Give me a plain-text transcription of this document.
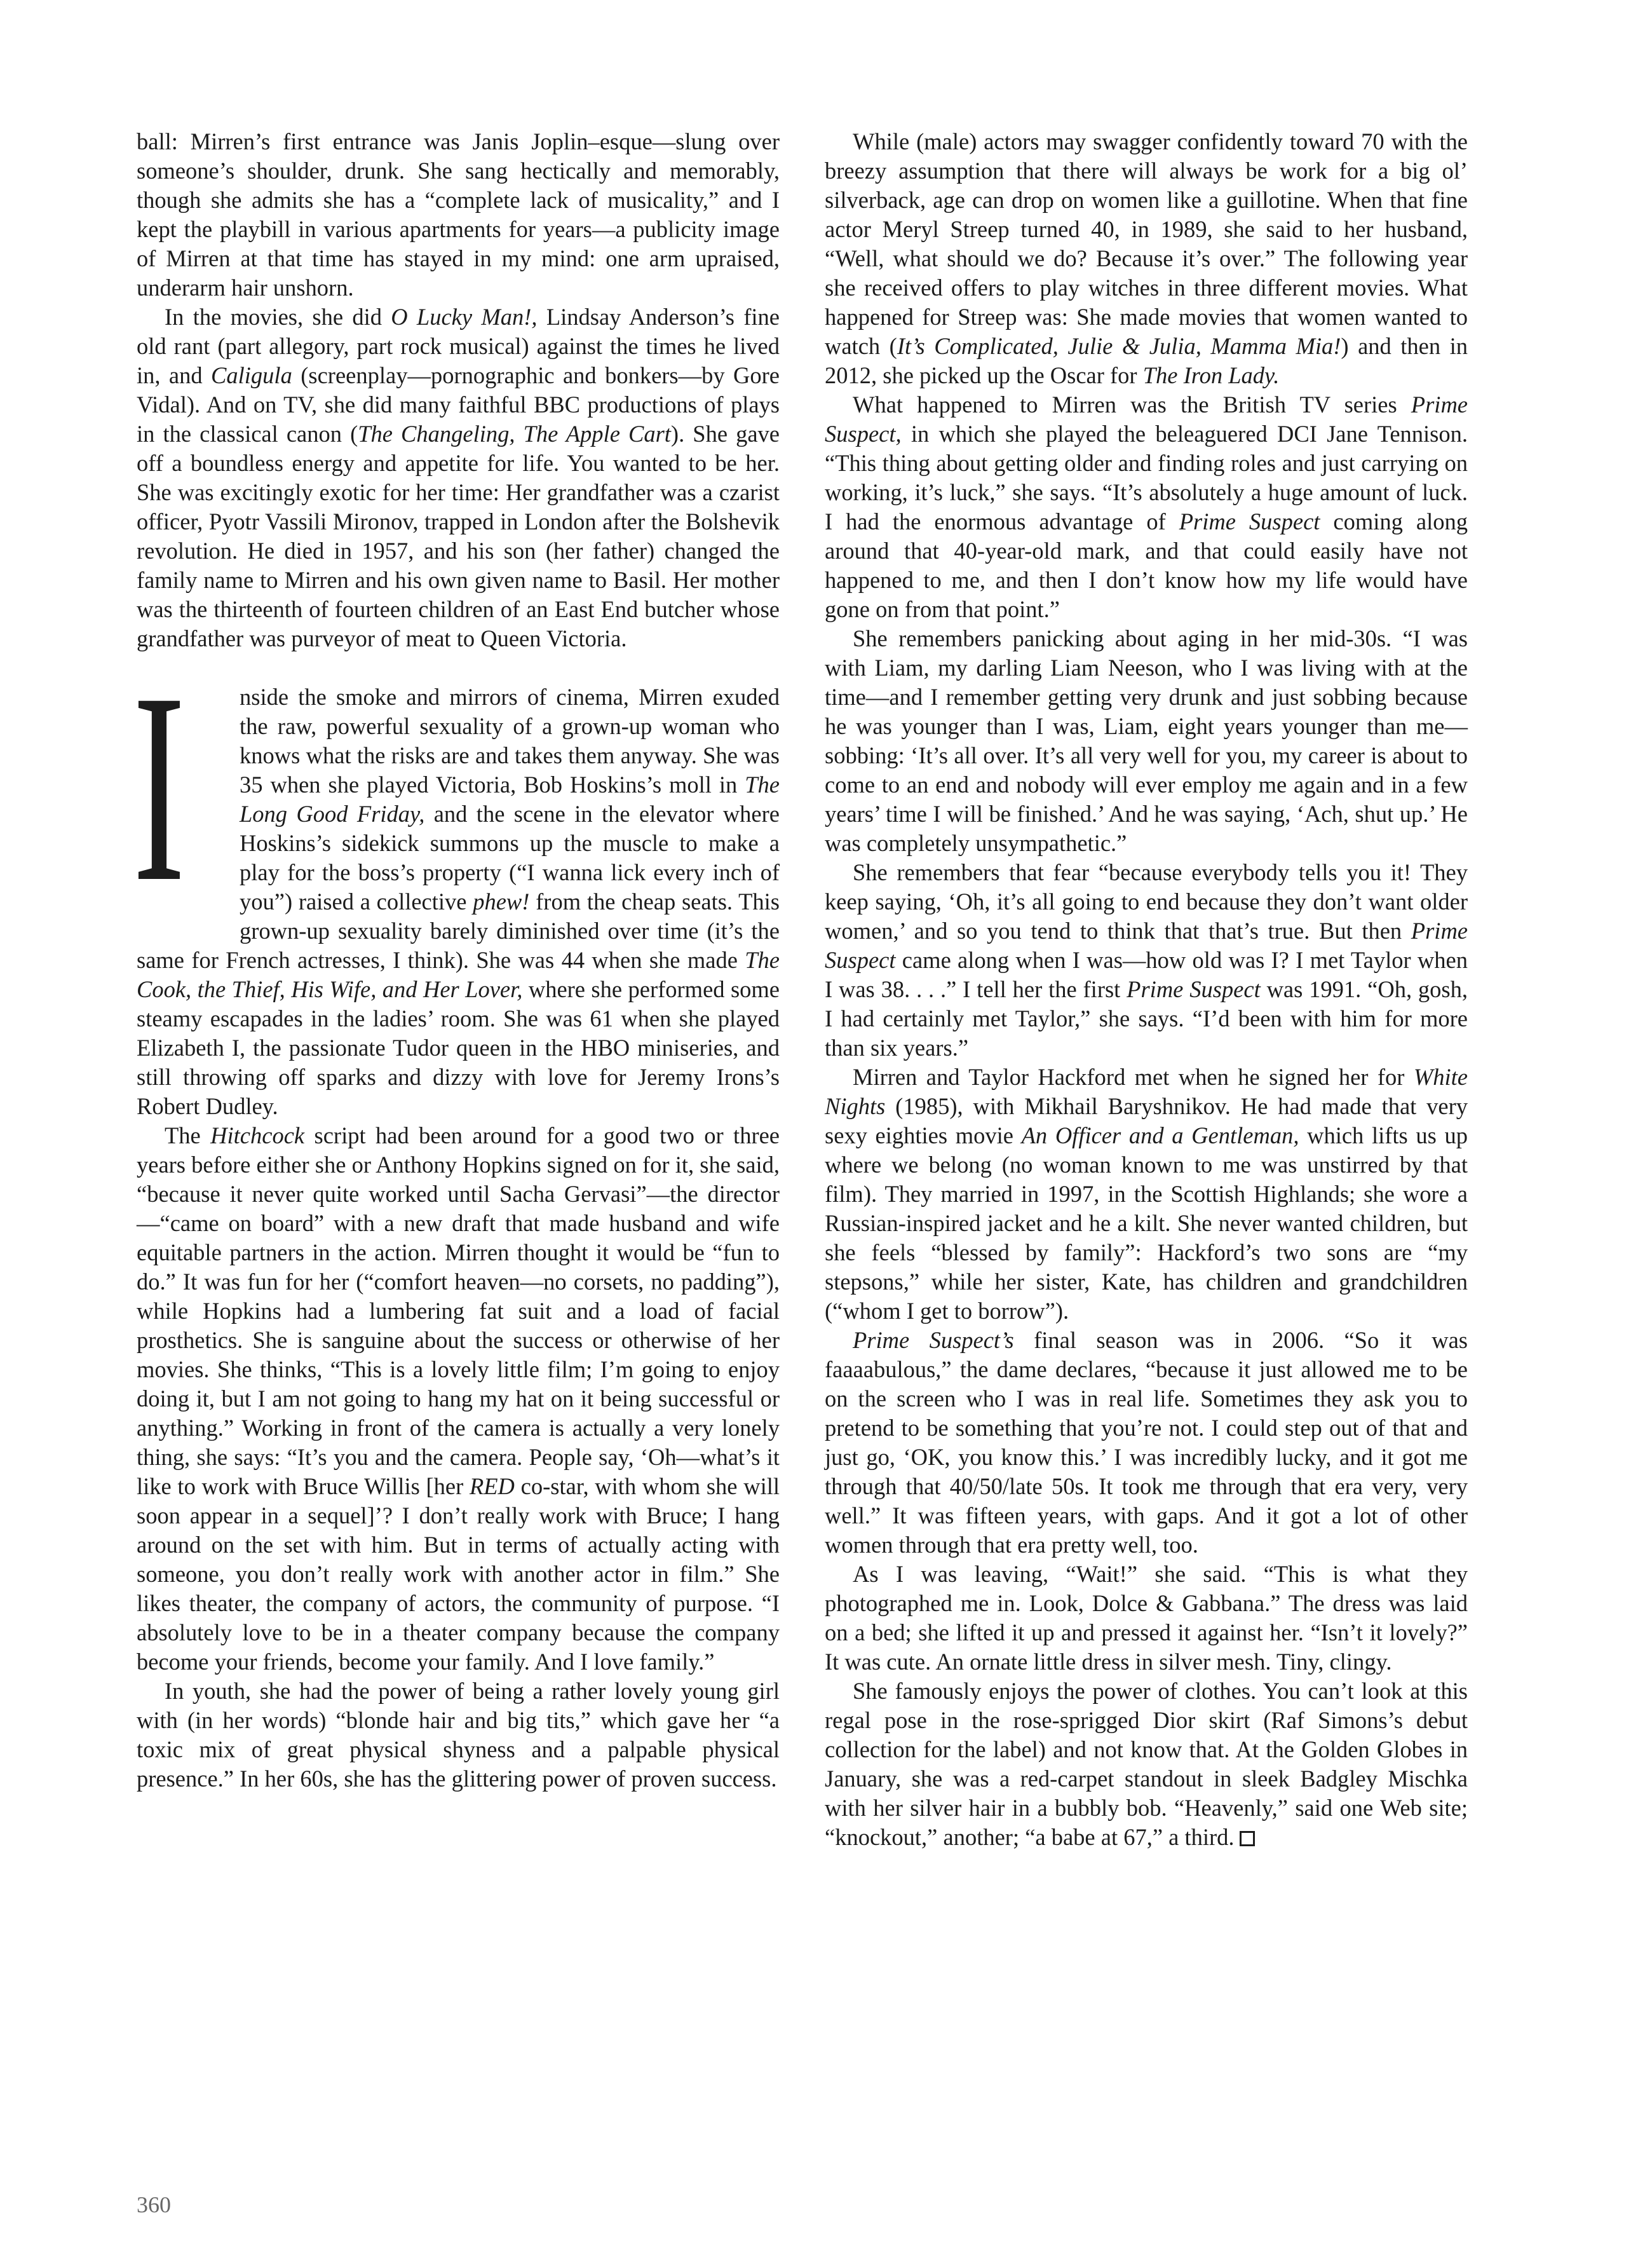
ball: Mirren’s first entrance was Janis Joplin–esque—slung over someone’s shoulder, drunk. She sang hectically and memorably, though she admits she has a “complete lack of musicality,” and I kept the playbill in various apartments for years—a publicity image of Mirren at that time has stayed in my mind: one arm upraised, underarm hair unshorn.

In the movies, she did O Lucky Man!, Lindsay Anderson’s fine old rant (part allegory, part rock musical) against the times he lived in, and Caligula (screenplay—pornographic and bonkers—by Gore Vidal). And on TV, she did many faithful BBC productions of plays in the classical canon (The Changeling, The Apple Cart). She gave off a boundless energy and appetite for life. You wanted to be her. She was excitingly exotic for her time: Her grandfather was a czarist officer, Pyotr Vassili Mironov, trapped in London after the Bolshevik revolution. He died in 1957, and his son (her father) changed the family name to Mirren and his own given name to Basil. Her mother was the thirteenth of fourteen children of an East End butcher whose grandfather was purveyor of meat to Queen Victoria.

I nside the smoke and mirrors of cinema, Mirren exuded the raw, powerful sexuality of a grown-up woman who knows what the risks are and takes them anyway. She was 35 when she played Victoria, Bob Hoskins’s moll in The Long Good Friday, and the scene in the elevator where Hoskins’s sidekick summons up the muscle to make a play for the boss’s property (“I wanna lick every inch of you”) raised a collective phew! from the cheap seats. This grown-up sexuality barely diminished over time (it’s the same for French actresses, I think). She was 44 when she made The Cook, the Thief, His Wife, and Her Lover, where she performed some steamy escapades in the ladies’ room. She was 61 when she played Elizabeth I, the passionate Tudor queen in the HBO miniseries, and still throwing off sparks and dizzy with love for Jeremy Irons’s Robert Dudley.

The Hitchcock script had been around for a good two or three years before either she or Anthony Hopkins signed on for it, she said, “because it never quite worked until Sacha Gervasi”—the director—“came on board” with a new draft that made husband and wife equitable partners in the action. Mirren thought it would be “fun to do.” It was fun for her (“comfort heaven—no corsets, no padding”), while Hopkins had a lumbering fat suit and a load of facial prosthetics. She is sanguine about the success or otherwise of her movies. She thinks, “This is a lovely little film; I’m going to enjoy doing it, but I am not going to hang my hat on it being successful or anything.” Working in front of the camera is actually a very lonely thing, she says: “It’s you and the camera. People say, ‘Oh—what’s it like to work with Bruce Willis [her RED co-star, with whom she will soon appear in a sequel]’? I don’t really work with Bruce; I hang around on the set with him. But in terms of actually acting with someone, you don’t really work with another actor in film.” She likes theater, the company of actors, the community of purpose. “I absolutely love to be in a theater company because the company become your friends, become your family. And I love family.”

In youth, she had the power of being a rather lovely young girl with (in her words) “blonde hair and big tits,” which gave her “a toxic mix of great physical shyness and a palpable physical presence.” In her 60s, she has the glittering power of proven success.

While (male) actors may swagger confidently toward 70 with the breezy assumption that there will always be work for a big ol’ silverback, age can drop on women like a guillotine. When that fine actor Meryl Streep turned 40, in 1989, she said to her husband, “Well, what should we do? Because it’s over.” The following year she received offers to play witches in three different movies. What happened for Streep was: She made movies that women wanted to watch (It’s Complicated, Julie & Julia, Mamma Mia!) and then in 2012, she picked up the Oscar for The Iron Lady.

What happened to Mirren was the British TV series Prime Suspect, in which she played the beleaguered DCI Jane Tennison. “This thing about getting older and finding roles and just carrying on working, it’s luck,” she says. “It’s absolutely a huge amount of luck. I had the enormous advantage of Prime Suspect coming along around that 40-year-old mark, and that could easily have not happened to me, and then I don’t know how my life would have gone on from that point.”

She remembers panicking about aging in her mid-30s. “I was with Liam, my darling Liam Neeson, who I was living with at the time—and I remember getting very drunk and just sobbing because he was younger than I was, Liam, eight years younger than me—sobbing: ‘It’s all over. It’s all very well for you, my career is about to come to an end and nobody will ever employ me again and in a few years’ time I will be finished.’ And he was saying, ‘Ach, shut up.’ He was completely unsympathetic.”

She remembers that fear “because everybody tells you it! They keep saying, ‘Oh, it’s all going to end because they don’t want older women,’ and so you tend to think that that’s true. But then Prime Suspect came along when I was—how old was I? I met Taylor when I was 38. . . .” I tell her the first Prime Suspect was 1991. “Oh, gosh, I had certainly met Taylor,” she says. “I’d been with him for more than six years.”

Mirren and Taylor Hackford met when he signed her for White Nights (1985), with Mikhail Baryshnikov. He had made that very sexy eighties movie An Officer and a Gentleman, which lifts us up where we belong (no woman known to me was unstirred by that film). They married in 1997, in the Scottish Highlands; she wore a Russian-inspired jacket and he a kilt. She never wanted children, but she feels “blessed by family”: Hackford’s two sons are “my stepsons,” while her sister, Kate, has children and grandchildren (“whom I get to borrow”).

Prime Suspect’s final season was in 2006. “So it was faaaabulous,” the dame declares, “because it just allowed me to be on the screen who I was in real life. Sometimes they ask you to pretend to be something that you’re not. I could step out of that and just go, ‘OK, you know this.’ I was incredibly lucky, and it got me through that 40/50/late 50s. It took me through that era very, very well.” It was fifteen years, with gaps. And it got a lot of other women through that era pretty well, too.

As I was leaving, “Wait!” she said. “This is what they photographed me in. Look, Dolce & Gabbana.” The dress was laid on a bed; she lifted it up and pressed it against her. “Isn’t it lovely?” It was cute. An ornate little dress in silver mesh. Tiny, clingy.

She famously enjoys the power of clothes. You can’t look at this regal pose in the rose-sprigged Dior skirt (Raf Simons’s debut collection for the label) and not know that. At the Golden Globes in January, she was a red-carpet standout in sleek Badgley Mischka with her silver hair in a bubbly bob. “Heavenly,” said one Web site; “knockout,” another; “a babe at 67,” a third.

360
